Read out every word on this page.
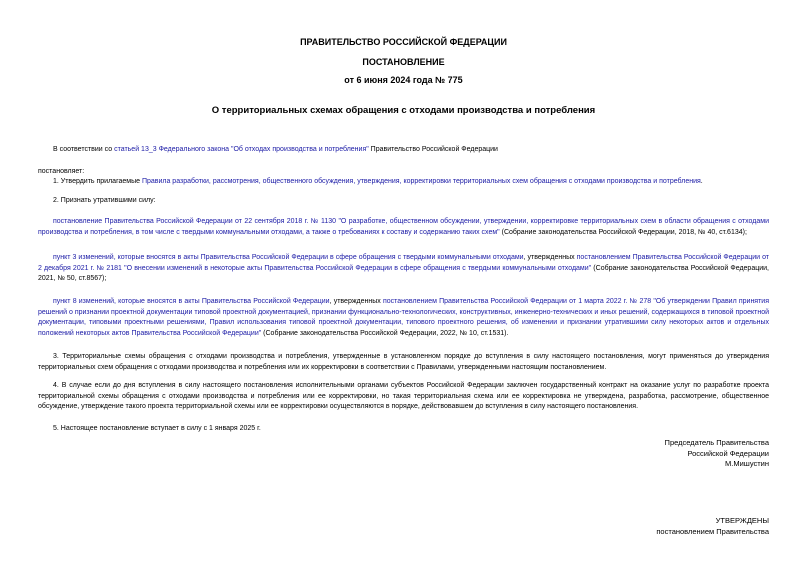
ПРАВИТЕЛЬСТВО РОССИЙСКОЙ ФЕДЕРАЦИИ
ПОСТАНОВЛЕНИЕ
от 6 июня 2024 года № 775
О территориальных схемах обращения с отходами производства и потребления
В соответствии со статьей 13_3 Федерального закона "Об отходах производства и потребления" Правительство Российской Федерации
постановляет:
1. Утвердить прилагаемые Правила разработки, рассмотрения, общественного обсуждения, утверждения, корректировки территориальных схем обращения с отходами производства и потребления.
2. Признать утратившими силу:
постановление Правительства Российской Федерации от 22 сентября 2018 г. № 1130 "О разработке, общественном обсуждении, утверждении, корректировке территориальных схем в области обращения с отходами производства и потребления, в том числе с твердыми коммунальными отходами, а также о требованиях к составу и содержанию таких схем" (Собрание законодательства Российской Федерации, 2018, № 40, ст.6134);
пункт 3 изменений, которые вносятся в акты Правительства Российской Федерации в сфере обращения с твердыми коммунальными отходами, утвержденных постановлением Правительства Российской Федерации от 2 декабря 2021 г. № 2181 "О внесении изменений в некоторые акты Правительства Российской Федерации в сфере обращения с твердыми коммунальными отходами" (Собрание законодательства Российской Федерации, 2021, № 50, ст.8567);
пункт 8 изменений, которые вносятся в акты Правительства Российской Федерации, утвержденных постановлением Правительства Российской Федерации от 1 марта 2022 г. № 278 "Об утверждении Правил принятия решений о признании проектной документации типовой проектной документацией, признании функционально-технологических, конструктивных, инженерно-технических и иных решений, содержащихся в типовой проектной документации, типовыми проектными решениями, Правил использования типовой проектной документации, типового проектного решения, об изменении и признании утратившими силу некоторых актов и отдельных положений некоторых актов Правительства Российской Федерации" (Собрание законодательства Российской Федерации, 2022, № 10, ст.1531).
3. Территориальные схемы обращения с отходами производства и потребления, утвержденные в установленном порядке до вступления в силу настоящего постановления, могут применяться до утверждения территориальных схем обращения с отходами производства и потребления или их корректировки в соответствии с Правилами, утвержденными настоящим постановлением.
4. В случае если до дня вступления в силу настоящего постановления исполнительными органами субъектов Российской Федерации заключен государственный контракт на оказание услуг по разработке проекта территориальной схемы обращения с отходами производства и потребления или ее корректировки, но такая территориальная схема или ее корректировка не утверждена, разработка, рассмотрение, общественное обсуждение, утверждение такого проекта территориальной схемы или ее корректировки осуществляются в порядке, действовавшем до вступления в силу настоящего постановления.
5. Настоящее постановление вступает в силу с 1 января 2025 г.
Председатель Правительства
Российской Федерации
М.Мишустин
УТВЕРЖДЕНЫ
постановлением Правительства
